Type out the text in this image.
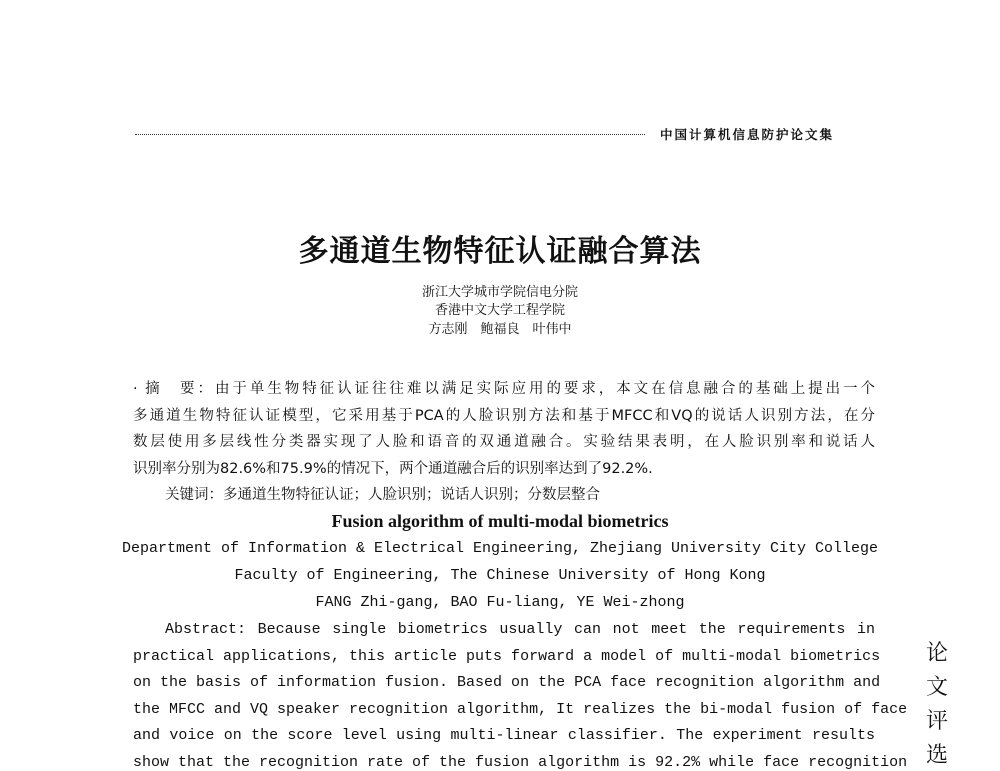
中国计算机信息防护论文集
多通道生物特征认证融合算法
浙江大学城市学院信电分院
香港中文大学工程学院
方志刚　鲍福良　叶伟中
· 摘　要：由于单生物特征认证往往难以满足实际应用的要求，本文在信息融合的基础上提出一个
多通道生物特征认证模型，它采用基于PCA的人脸识别方法和基于MFCC和VQ的说话人识别方法，在分
数层使用多层线性分类器实现了人脸和语音的双通道融合。实验结果表明，在人脸识别率和说话人
识别率分别为82.6%和75.9%的情况下，两个通道融合后的识别率达到了92.2%.
关键词：多通道生物特征认证；人脸识别；说话人识别；分数层整合
Fusion algorithm of multi-modal biometrics
Department of Information & Electrical Engineering, Zhejiang University City College
Faculty of Engineering, The Chinese University of Hong Kong
FANG Zhi-gang, BAO Fu-liang, YE Wei-zhong
Abstract: Because single biometrics usually can not meet the requirements in
practical applications, this article puts forward a model of multi-modal biometrics
on the basis of information fusion. Based on the PCA face recognition algorithm and
the MFCC and VQ speaker recognition algorithm, It realizes the bi-modal fusion of face
and voice on the score level using multi-linear classifier. The experiment results
show that the recognition rate of the fusion algorithm is 92.2% while face recognition
论
文
评
选
